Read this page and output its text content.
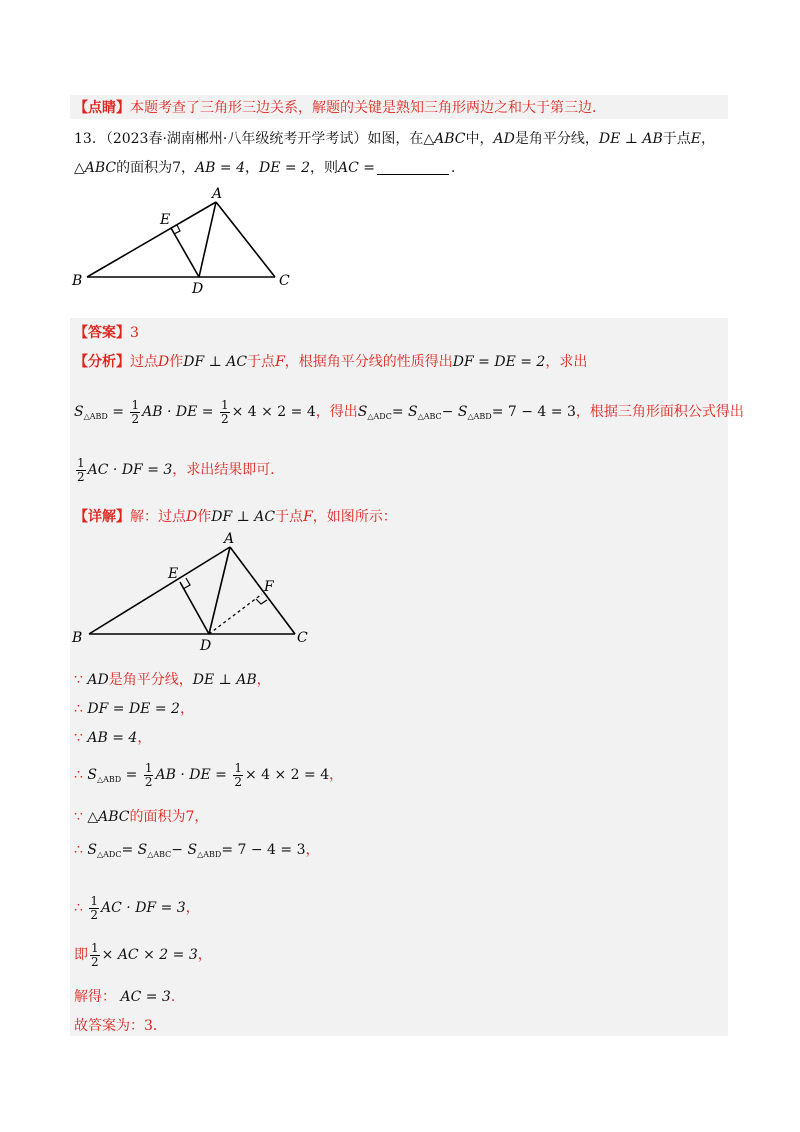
【点睛】本题考查了三角形三边关系，解题的关键是熟知三角形两边之和大于第三边．
13．（2023春·湖南郴州·八年级统考开学考试）如图，在△ABC中，AD是角平分线，DE ⊥ AB于点E，
△ABC的面积为7，AB = 4，DE = 2，则AC =	．
A
E
B	D	C
【答案】3
【分析】过点D作DF ⊥ AC于点F，根据角平分线的性质得出DF = DE = 2，求出
$S_{\triangle ABD} = \frac{1}{2}$ AB · DE = $\frac{1}{2} \times 4 \times 2 = 4$，得出$S_{\triangle ADC}= S_{\triangle ABC}- S_{\triangle ABD}= 7 - 4 = 3$，根据三角形面积公式得出
$\frac{1}{2}$ AC · DF = 3，求出结果即可．
【详解】解：过点D作DF ⊥ AC于点F，如图所示：
A
E
F
B	D	C
∵ AD是角平分线，DE ⊥ AB，
∴ DF = DE = 2，
∵ AB = 4，
∴ $S_{\triangle ABD} = \frac{1}{2}$ AB · DE = $\frac{1}{2} \times 4 \times 2 = 4$，
∵ △ABC的面积为7，
∴ $S_{\triangle ADC}= S_{\triangle ABC}- S_{\triangle ABD}= 7 - 4 = 3$，
∴ $\frac{1}{2}$ AC · DF = 3，
即 $\frac{1}{2}$ × AC × 2 = 3，
解得： AC = 3．
故答案为：3．
